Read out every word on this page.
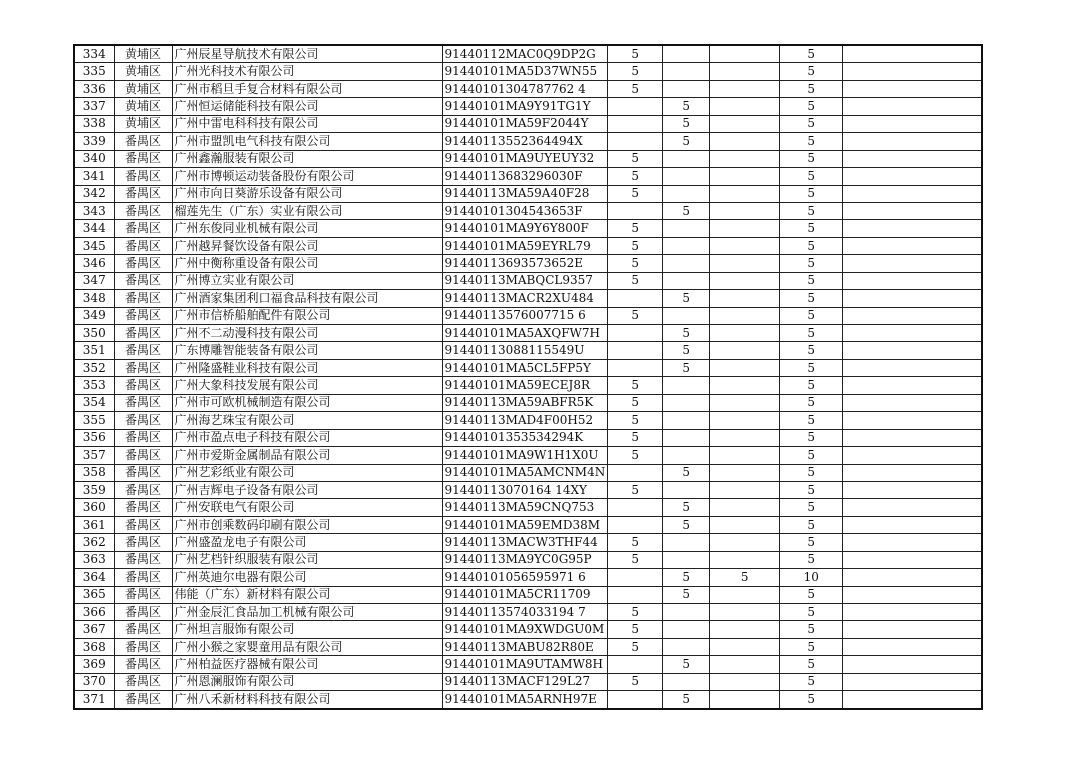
334	黄埔区	广州辰星导航技术有限公司	91440112MAC0Q9DP2G	5			5	
335	黄埔区	广州光科技术有限公司	91440101MA5D37WN55	5			5	
336	黄埔区	广州市稻旦手复合材料有限公司	91440101304787762 4	5			5	
337	黄埔区	广州恒运储能科技有限公司	91440101MA9Y91TG1Y		5		5	
338	黄埔区	广州中雷电科科技有限公司	91440101MA59F2044Y		5		5	
339	番禺区	广州市盟凯电气科技有限公司	91440113552364494X		5		5	
340	番禺区	广州鑫瀚服装有限公司	91440101MA9UYEUY32	5			5	
341	番禺区	广州市博顿运动装备股份有限公司	91440113683296030F	5			5	
342	番禺区	广州市向日葵游乐设备有限公司	91440113MA59A40F28	5			5	
343	番禺区	榴莲先生（广东）实业有限公司	91440101304543653F		5		5	
344	番禺区	广州东俊同业机械有限公司	91440101MA9Y6Y800F	5			5	
345	番禺区	广州越昇餐饮设备有限公司	91440101MA59EYRL79	5			5	
346	番禺区	广州中衡称重设备有限公司	91440113693573652E	5			5	
347	番禺区	广州博立实业有限公司	91440113MABQCL9357	5			5	
348	番禺区	广州酒家集团利口福食品科技有限公司	91440113MACR2XU484		5		5	
349	番禺区	广州市信桥船舶配件有限公司	91440113576007715 6	5			5	
350	番禺区	广州不二动漫科技有限公司	91440101MA5AXQFW7H		5		5	
351	番禺区	广东博雕智能装备有限公司	91440113088115549U		5		5	
352	番禺区	广州隆盛鞋业科技有限公司	91440101MA5CL5FP5Y		5		5	
353	番禺区	广州大象科技发展有限公司	91440101MA59ECEJ8R	5			5	
354	番禺区	广州市可欧机械制造有限公司	91440113MA59ABFR5K	5			5	
355	番禺区	广州海艺珠宝有限公司	91440113MAD4F00H52	5			5	
356	番禺区	广州市盈点电子科技有限公司	91440101353534294K	5			5	
357	番禺区	广州市爱斯金属制品有限公司	91440101MA9W1H1X0U	5			5	
358	番禺区	广州艺彩纸业有限公司	91440101MA5AMCNM4N		5		5	
359	番禺区	广州吉辉电子设备有限公司	91440113070164 14XY	5			5	
360	番禺区	广州安联电气有限公司	91440113MA59CNQ753		5		5	
361	番禺区	广州市创乘数码印刷有限公司	91440101MA59EMD38M		5		5	
362	番禺区	广州盛盈龙电子有限公司	91440113MACW3THF44	5			5	
363	番禺区	广州艺档针织服装有限公司	91440113MA9YC0G95P	5			5	
364	番禺区	广州英迪尔电器有限公司	91440101056595971 6		5	5	10	
365	番禺区	伟能（广东）新材料有限公司	91440101MA5CR11709		5		5	
366	番禺区	广州金辰汇食品加工机械有限公司	91440113574033194 7	5			5	
367	番禺区	广州坦言服饰有限公司	91440101MA9XWDGU0M	5			5	
368	番禺区	广州小猴之家婴童用品有限公司	91440113MABU82R80E	5			5	
369	番禺区	广州柏益医疗器械有限公司	91440101MA9UTAMW8H		5		5	
370	番禺区	广州恩澜服饰有限公司	91440113MACF129L27	5			5	
371	番禺区	广州八禾新材料科技有限公司	91440101MA5ARNH97E		5		5	
